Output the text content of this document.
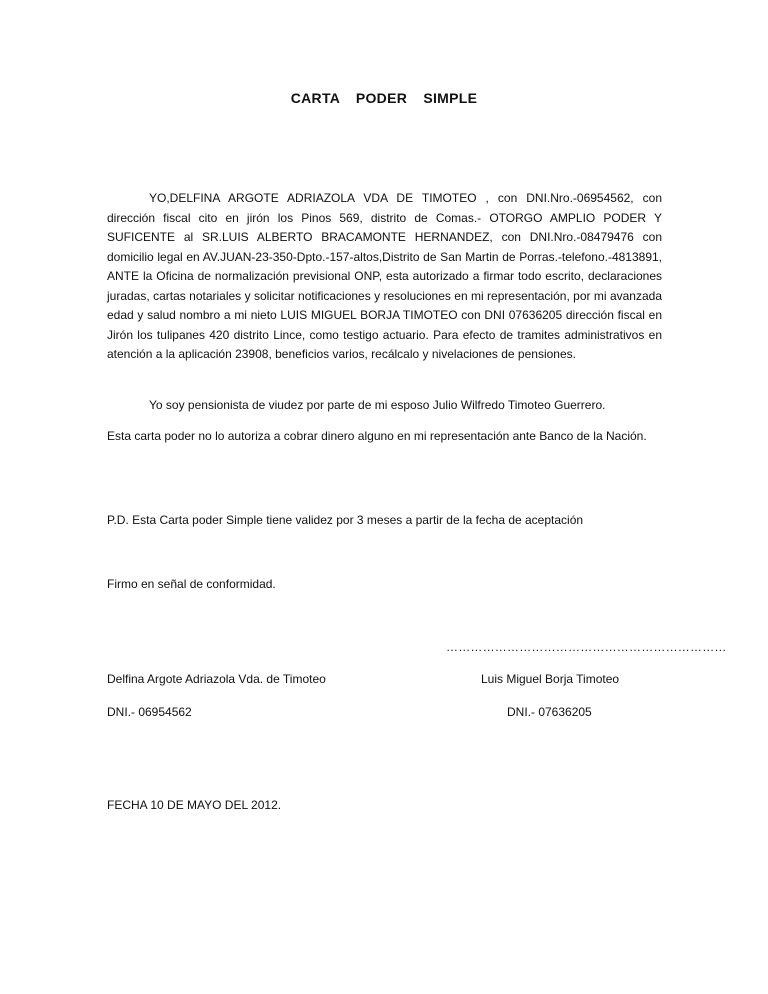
CARTA PODER SIMPLE
YO,DELFINA ARGOTE ADRIAZOLA VDA DE TIMOTEO , con DNI.Nro.-06954562, con dirección fiscal cito en jirón los Pinos 569, distrito de Comas.- OTORGO AMPLIO PODER Y SUFICENTE al SR.LUIS ALBERTO BRACAMONTE HERNANDEZ, con DNI.Nro.-08479476 con domicilio legal en AV.JUAN-23-350-Dpto.-157-altos,Distrito de San Martin de Porras.-telefono.-4813891, ANTE la Oficina de normalización previsional ONP, esta autorizado a firmar todo escrito, declaraciones juradas, cartas notariales y solicitar notificaciones y resoluciones en mi representación, por mi avanzada edad y salud nombro a mi nieto LUIS MIGUEL BORJA TIMOTEO con DNI 07636205 dirección fiscal en Jirón los tulipanes 420 distrito Lince, como testigo actuario. Para efecto de tramites administrativos en atención a la aplicación 23908, beneficios varios, recálcalo y nivelaciones de pensiones.
Yo soy pensionista de viudez por parte de mi esposo Julio Wilfredo Timoteo Guerrero.
Esta carta poder no lo autoriza a cobrar dinero alguno en mi representación ante Banco de la Nación.
P.D. Esta Carta poder Simple tiene validez por 3 meses a partir de la fecha de aceptación
Firmo en señal de conformidad.
……………………………………………………………
Delfina Argote Adriazola Vda. de Timoteo	Luis Miguel Borja Timoteo
DNI.- 06954562	DNI.- 07636205
FECHA 10 DE MAYO DEL 2012.
